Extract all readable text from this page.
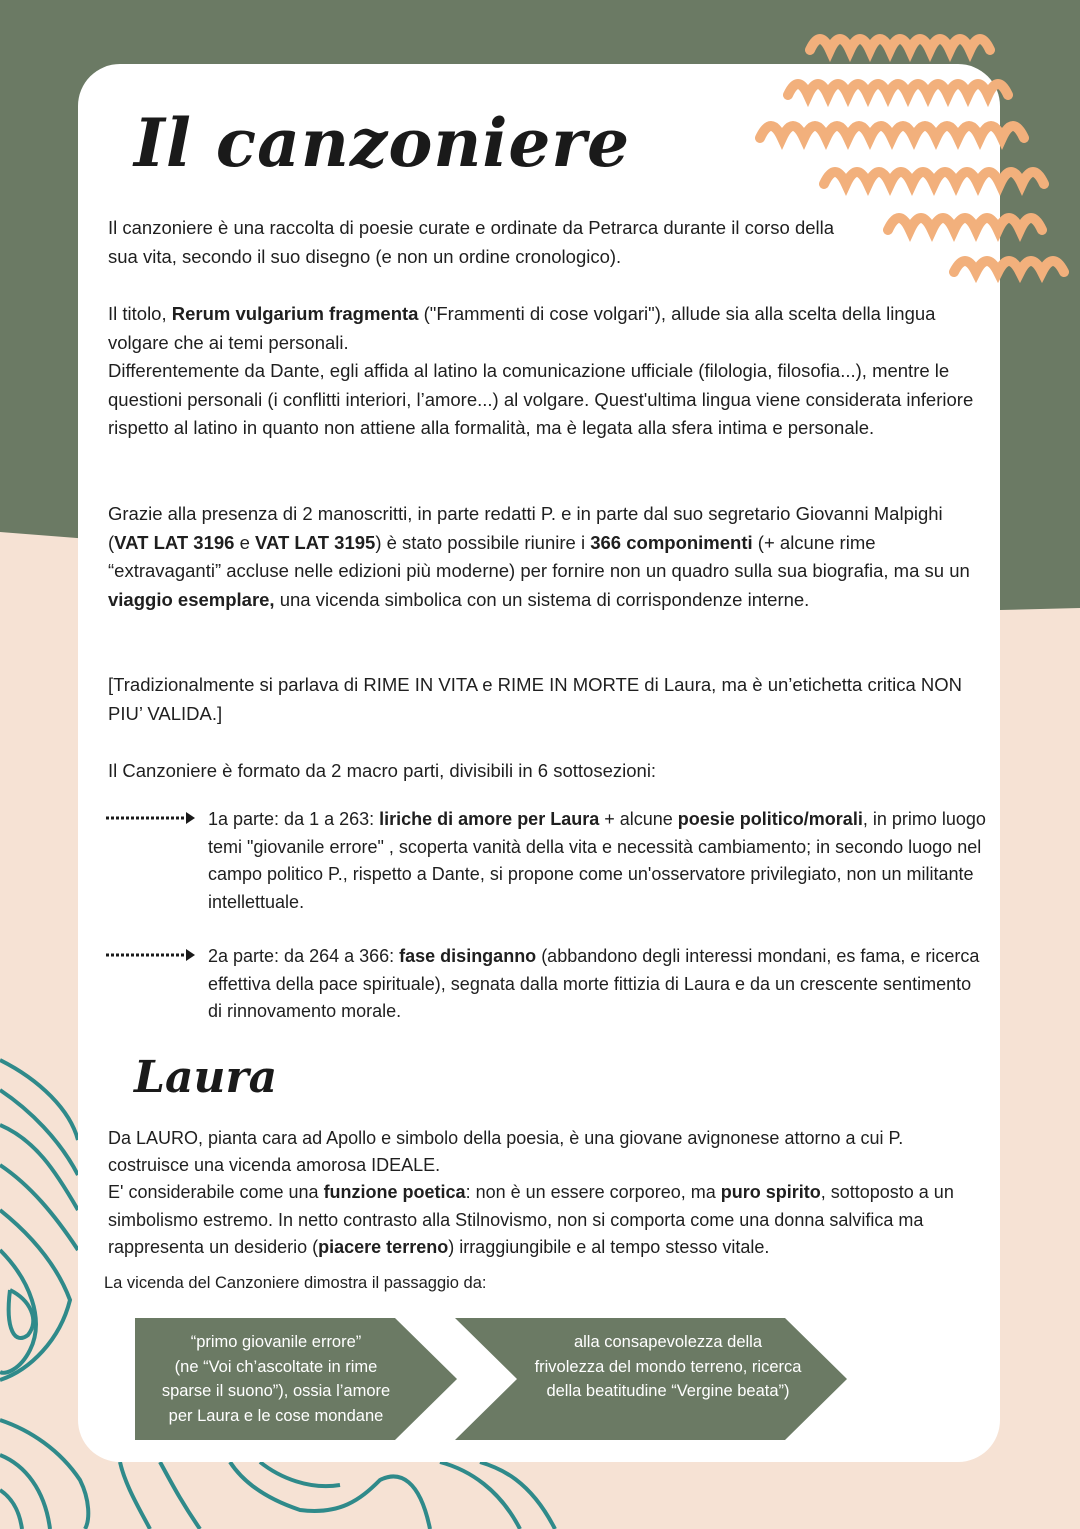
Il canzoniere

Il canzoniere è una raccolta di poesie curate e ordinate da Petrarca durante il corso della sua vita, secondo il suo disegno (e non un ordine cronologico).

Il titolo, Rerum vulgarium fragmenta ("Frammenti di cose volgari"), allude sia alla scelta della lingua volgare che ai temi personali.

Differentemente da Dante, egli affida al latino la comunicazione ufficiale (filologia, filosofia...), mentre le questioni personali (i conflitti interiori, l’amore...) al volgare. Quest'ultima lingua viene considerata inferiore rispetto al latino in quanto non attiene alla formalità, ma è legata alla sfera intima e personale.

Grazie alla presenza di 2 manoscritti, in parte redatti P. e in parte dal suo segretario Giovanni Malpighi (VAT LAT 3196 e VAT LAT 3195) è stato possibile riunire i 366 componimenti (+ alcune rime “extravaganti” accluse nelle edizioni più moderne) per fornire non un quadro sulla sua biografia, ma su un viaggio esemplare, una vicenda simbolica con un sistema di corrispondenze interne.

[Tradizionalmente si parlava di RIME IN VITA e RIME IN MORTE di Laura, ma è un’etichetta critica NON PIU’ VALIDA.]

Il Canzoniere è formato da 2 macro parti, divisibili in 6 sottosezioni:

1a parte: da 1 a 263: liriche di amore per Laura + alcune poesie politico/morali, in primo luogo temi "giovanile errore" , scoperta vanità della vita e necessità cambiamento; in secondo luogo nel campo politico P., rispetto a Dante, si propone come un'osservatore privilegiato, non un militante intellettuale.
2a parte: da 264 a 366: fase disinganno (abbandono degli interessi mondani, es fama, e ricerca effettiva della pace spirituale), segnata dalla morte fittizia di Laura e da un crescente sentimento di rinnovamento morale.
Laura

Da LAURO, pianta cara ad Apollo e simbolo della poesia, è una giovane avignonese attorno a cui P. costruisce una vicenda amorosa IDEALE.

E' considerabile come una funzione poetica: non è un essere corporeo, ma puro spirito, sottoposto a un simbolismo estremo. In netto contrasto alla Stilnovismo, non si comporta come una donna salvifica ma rappresenta un desiderio (piacere terreno) irraggiungibile e al tempo stesso vitale.

La vicenda del Canzoniere dimostra il passaggio da:
“primo giovanile errore”
(ne “Voi ch’ascoltate in rime
sparse il suono”), ossia l’amore
per Laura e le cose mondane
alla consapevolezza della
frivolezza del mondo terreno, ricerca
della beatitudine “Vergine beata”)
